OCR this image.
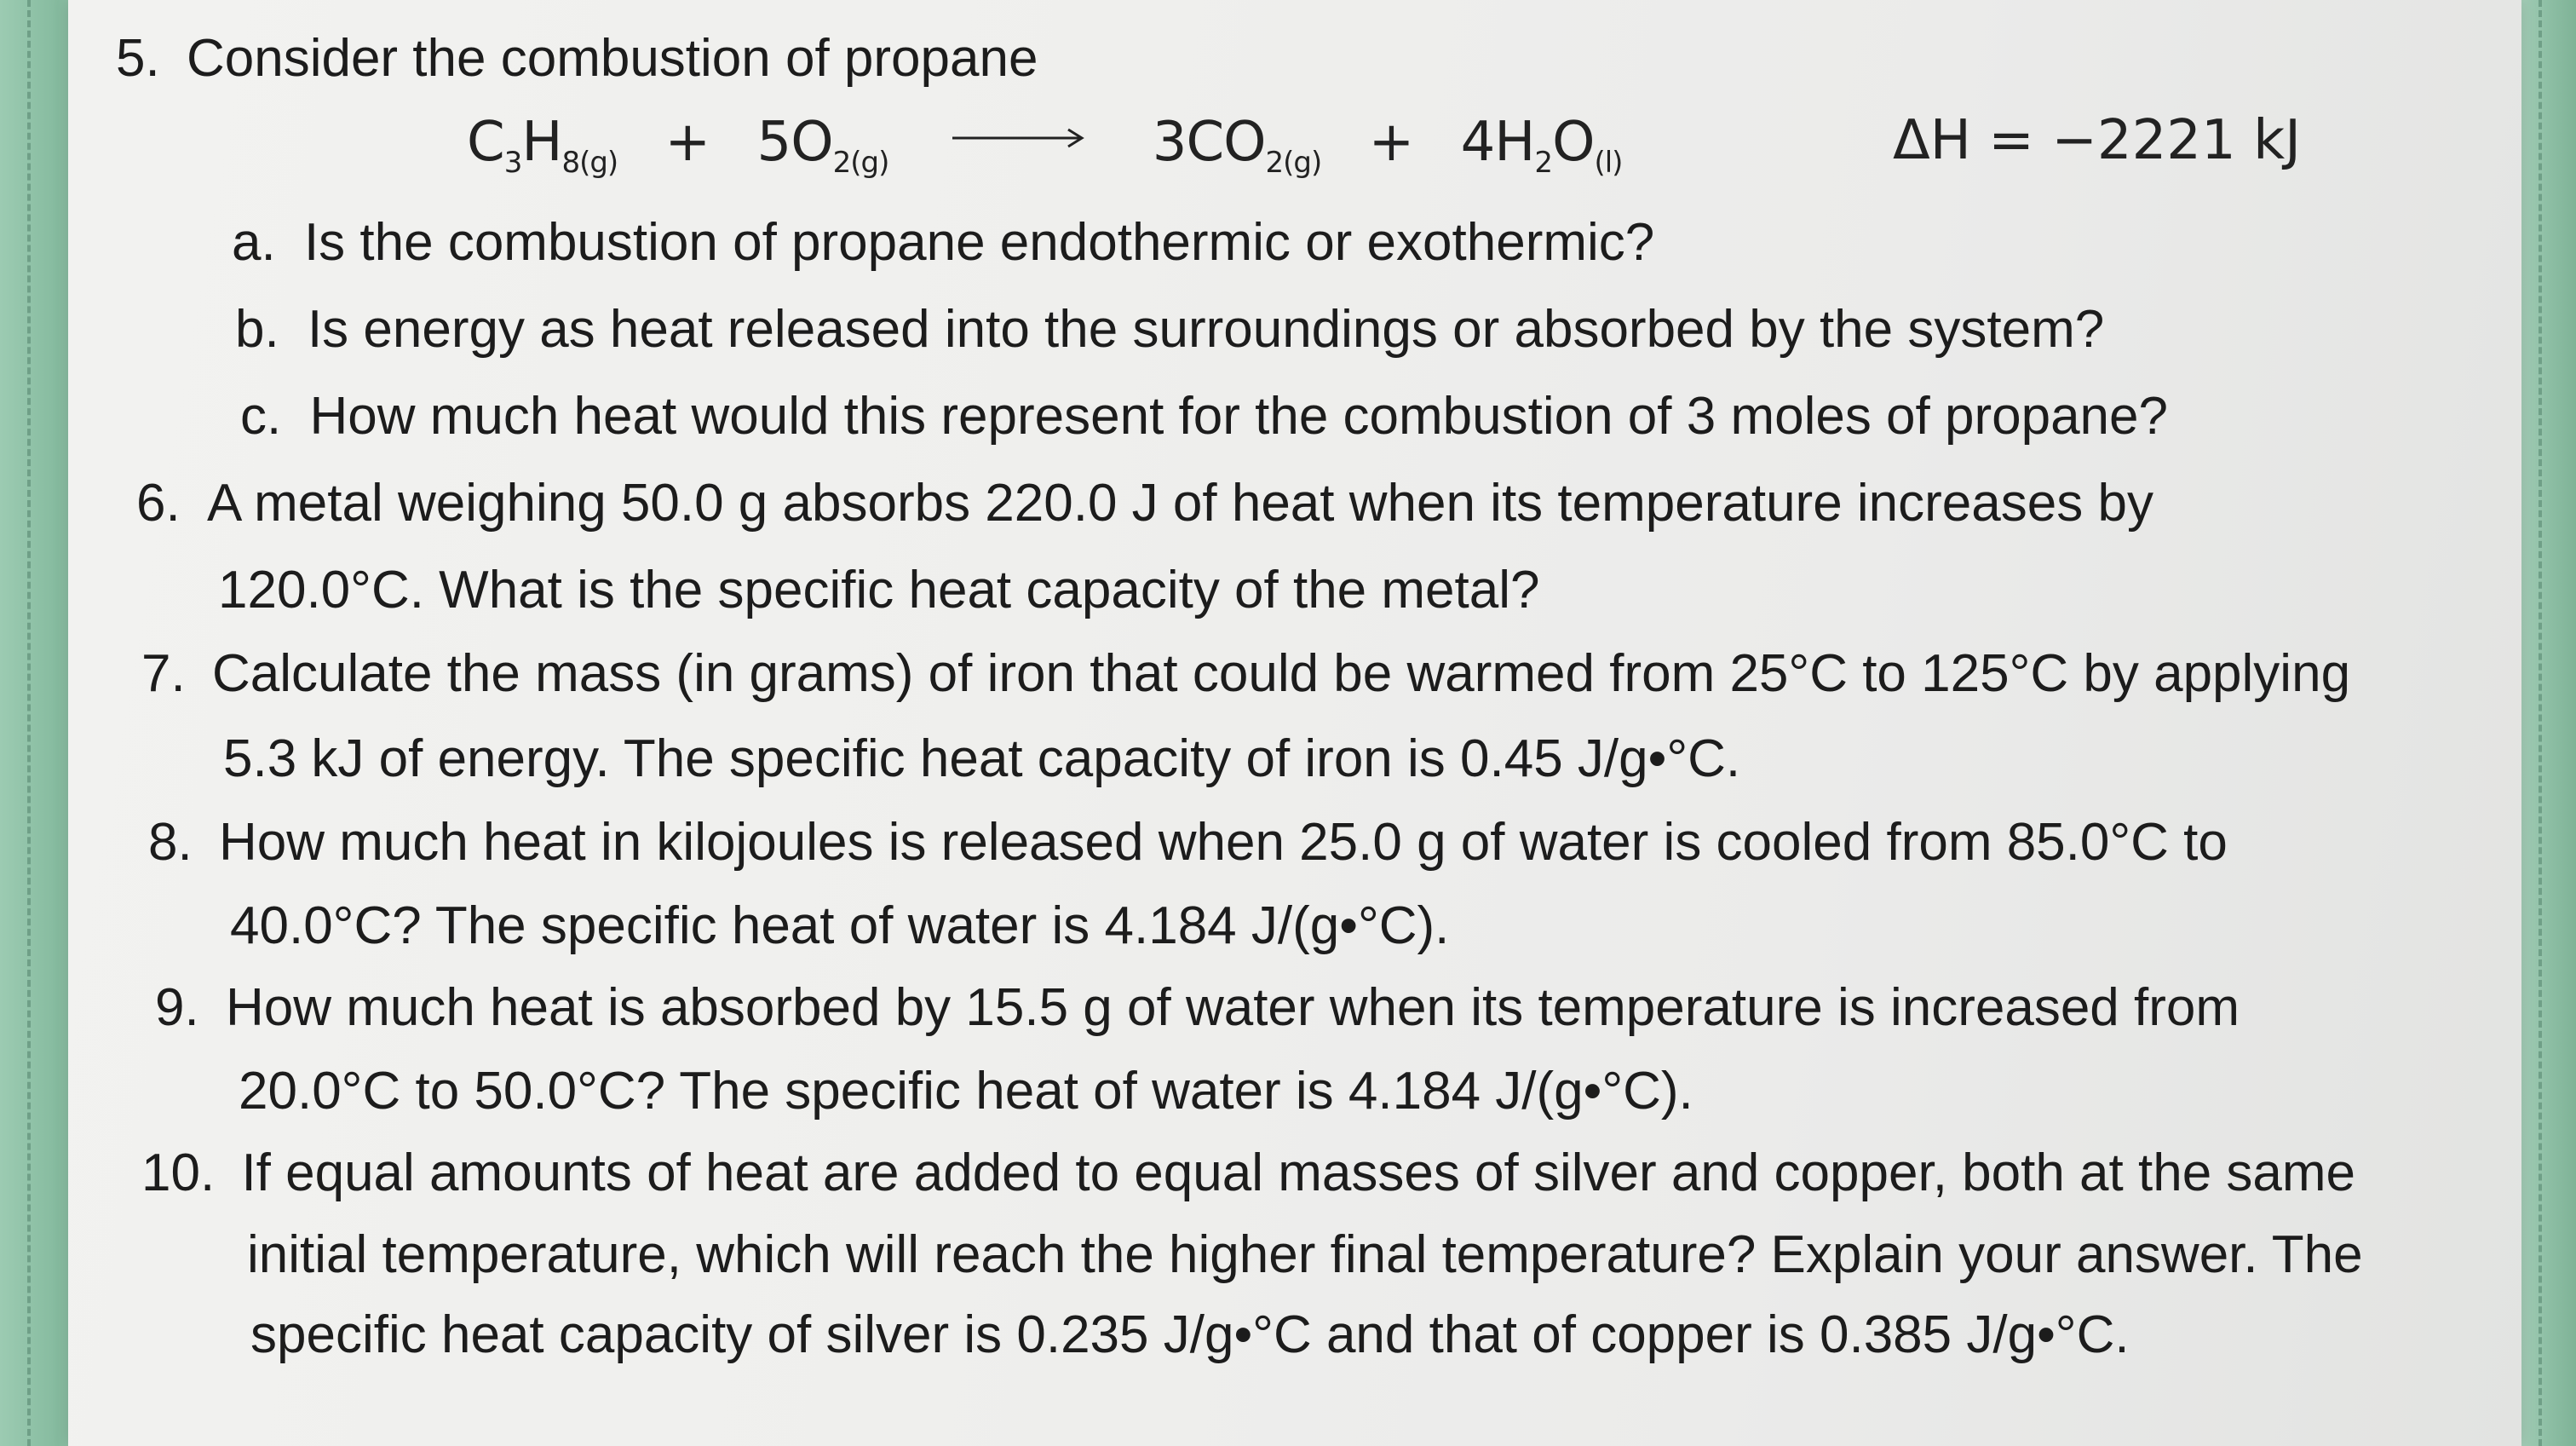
5. Consider the combustion of propane
$C_3H_{8(g)} + 5O_{2(g)} \to 3CO_{2(g)} + 4H_2O_{(l)}$	ΔH = −2221 kJ
a. Is the combustion of propane endothermic or exothermic?
b. Is energy as heat released into the surroundings or absorbed by the system?
c. How much heat would this represent for the combustion of 3 moles of propane?
6. A metal weighing 50.0 g absorbs 220.0 J of heat when its temperature increases by
120.0°C. What is the specific heat capacity of the metal?
7. Calculate the mass (in grams) of iron that could be warmed from 25°C to 125°C by applying
5.3 kJ of energy. The specific heat capacity of iron is 0.45 J/g•°C.
8. How much heat in kilojoules is released when 25.0 g of water is cooled from 85.0°C to
40.0°C? The specific heat of water is 4.184 J/(g•°C).
9. How much heat is absorbed by 15.5 g of water when its temperature is increased from
20.0°C to 50.0°C? The specific heat of water is 4.184 J/(g•°C).
10. If equal amounts of heat are added to equal masses of silver and copper, both at the same
initial temperature, which will reach the higher final temperature? Explain your answer. The
specific heat capacity of silver is 0.235 J/g•°C and that of copper is 0.385 J/g•°C.
